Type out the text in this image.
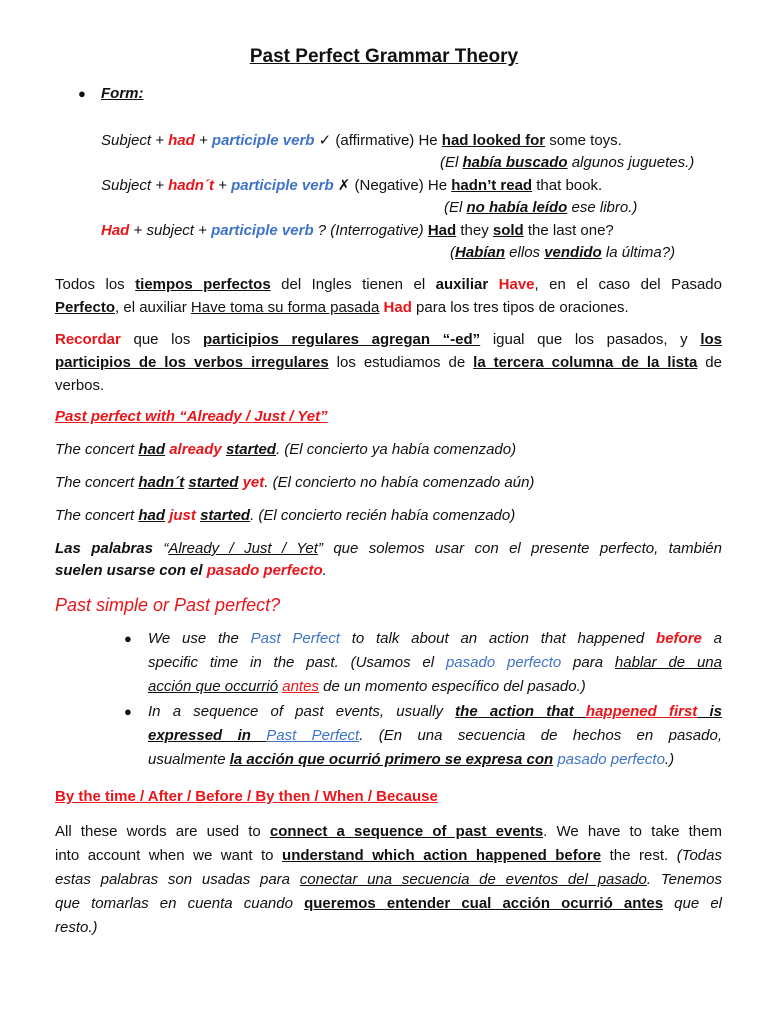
Past Perfect Grammar Theory
● Form:
Subject + had + participle verb ✓ (affirmative) He had looked for some toys.
(El había buscado algunos juguetes.)
Subject + hadn´t + participle verb ✗ (Negative) He hadn’t read that book.
(El no había leído ese libro.)
Had + subject + participle verb ? (Interrogative) Had they sold the last one?
(Habían ellos vendido la última?)
Todos los tiempos perfectos del Ingles tienen el auxiliar Have, en el caso del Pasado
Perfecto, el auxiliar Have toma su forma pasada Had para los tres tipos de oraciones.
Recordar que los participios regulares agregan “-ed” igual que los pasados, y los
participios de los verbos irregulares los estudiamos de la tercera columna de la lista de
verbos.
Past perfect with “Already / Just / Yet”
The concert had already started. (El concierto ya había comenzado)
The concert hadn´t started yet. (El concierto no había comenzado aún)
The concert had just started. (El concierto recién había comenzado)
Las palabras “Already / Just / Yet” que solemos usar con el presente perfecto, también
suelen usarse con el pasado perfecto.
Past simple or Past perfect?
● We use the Past Perfect to talk about an action that happened before a
specific time in the past. (Usamos el pasado perfecto para hablar de una
acción que occurrió antes de un momento específico del pasado.)
● In a sequence of past events, usually the action that happened first is
expressed in Past Perfect. (En una secuencia de hechos en pasado,
usualmente la acción que ocurrió primero se expresa con pasado perfecto.)
By the time / After / Before / By then / When / Because
All these words are used to connect a sequence of past events. We have to take them
into account when we want to understand which action happened before the rest. (Todas
estas palabras son usadas para conectar una secuencia de eventos del pasado. Tenemos
que tomarlas en cuenta cuando queremos entender cual acción ocurrió antes que el
resto.)
